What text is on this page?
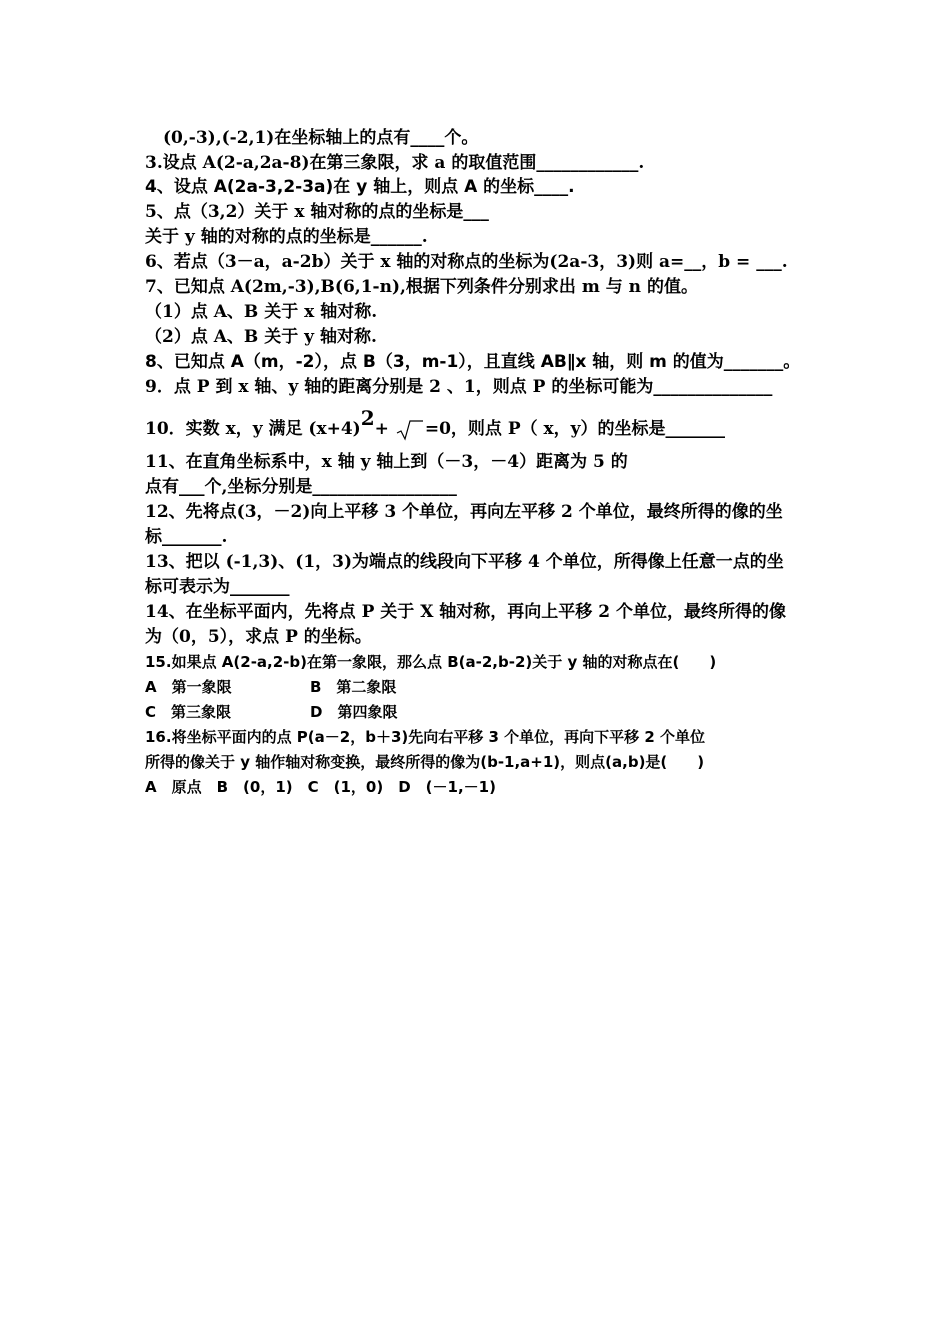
(0,-3),(-2,1)在坐标轴上的点有____个。
3.设点 A(2-a,2a-8)在第三象限，求 a 的取值范围____________.
4、设点 A(2a-3,2-3a)在 y 轴上，则点 A 的坐标____.
5、点（3,2）关于 x 轴对称的点的坐标是___
关于 y 轴的对称的点的坐标是______.
6、若点（3－a，a-2b）关于 x 轴的对称点的坐标为(2a-3，3)则 a=__，b = ___.
7、已知点 A(2m,-3),B(6,1-n),根据下列条件分别求出 m 与 n 的值。
（1）点 A、B 关于 x 轴对称.
（2）点 A、B 关于 y 轴对称.
8、已知点 A（m，-2），点 B（3，m-1），且直线 AB∥x 轴，则 m 的值为_______。
9．点 P 到 x 轴、y 轴的距离分别是 2 、1，则点 P 的坐标可能为______________
10．实数 x，y 满足 (x+4)2+ =0，则点 P（ x，y）的坐标是_______
11、在直角坐标系中，x 轴 y 轴上到（－3，－4）距离为 5 的
点有___个,坐标分别是_________________
12、先将点(3，－2)向上平移 3 个单位，再向左平移 2 个单位，最终所得的像的坐
标_______.
13、把以 (-1,3)、(1，3)为端点的线段向下平移 4 个单位，所得像上任意一点的坐
标可表示为_______
14、在坐标平面内，先将点 P 关于 X 轴对称，再向上平移 2 个单位，最终所得的像
为（0，5），求点 P 的坐标。
15.如果点 A(2-a,2-b)在第一象限，那么点 B(a-2,b-2)关于 y 轴的对称点在(　　)
A　第一象限	B　第二象限
C　第三象限	D　第四象限
16.将坐标平面内的点 P(a－2，b＋3)先向右平移 3 个单位，再向下平移 2 个单位
所得的像关于 y 轴作轴对称变换，最终所得的像为(b-1,a+1)，则点(a,b)是(　　)
A　原点　B　(0，1)　C　(1，0)　D　(－1,－1)
